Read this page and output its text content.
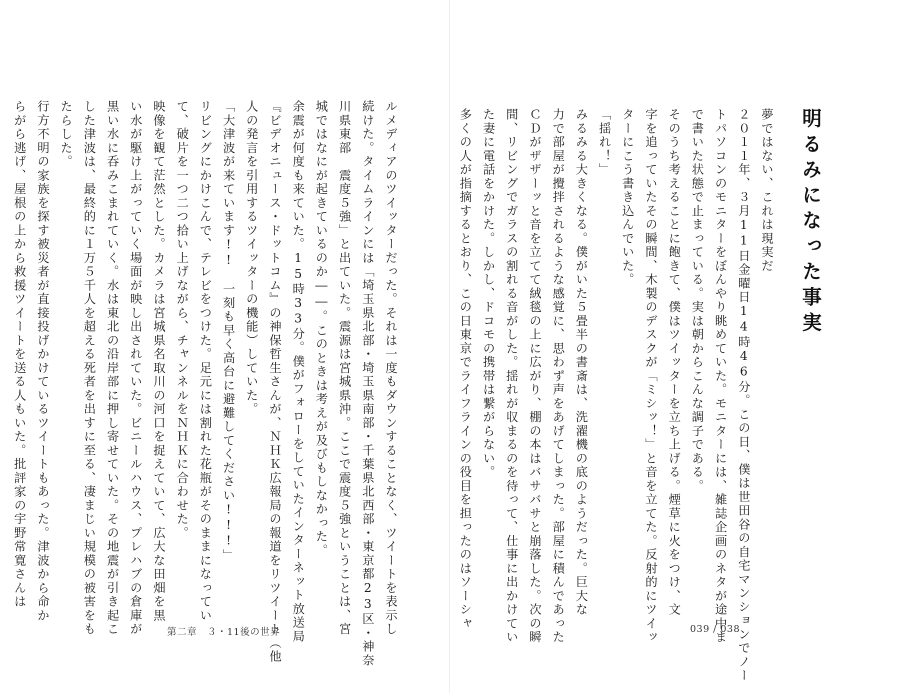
明るみになった事実
夢ではない、これは現実だ
２０１１年、３月11日金曜日14時46分。この日、僕は世田谷の自宅マンションでノー
トパソコンのモニターをぼんやり眺めていた。モニターには、雑誌企画のネタが途中ま
で書いた状態で止まっている。実は朝からこんな調子である。
そのうち考えることに飽きて、僕はツイッターを立ち上げる。煙草に火をつけ、文
字を追っていたその瞬間、木製のデスクが「ミシッ！」と音を立てた。反射的にツイッ
ターにこう書き込んでいた。
「揺れ！」
みるみる大きくなる。僕がいた５畳半の書斎は、洗濯機の底のようだった。巨大な
力で部屋が攪拌されるような感覚に、思わず声をあげてしまった。部屋に積んであった
ＣＤがザザーッと音を立てて絨毯の上に広がり、棚の本はバサバサと崩落した。次の瞬
間、リビングでガラスの割れる音がした。揺れが収まるのを待って、仕事に出かけてい
た妻に電話をかけた。しかし、ドコモの携帯は繋がらない。
多くの人が指摘するとおり、この日東京でライフラインの役目を担ったのはソーシャ
ルメディアのツイッターだった。それは一度もダウンすることなく、ツイートを表示し
続けた。タイムラインには「埼玉県北部・埼玉県南部・千葉県北西部・東京都23区・神奈
川県東部　震度５強」と出ていた。震源は宮城県沖。ここで震度５強ということは、宮
城ではなにが起きているのか――。このときは考えが及びもしなかった。
余震が何度も来ていた。15時33分。僕がフォローをしていたインターネット放送局
『ビデオニュース・ドットコム』の神保哲生さんが、ＮＨＫ広報局の報道をリツイート（他
人の発言を引用するツイッターの機能）していた。
「大津波が来ています!!　一刻も早く高台に避難してください!!!」
リビングにかけこんで、テレビをつけた。足元には割れた花瓶がそのままになってい
て、破片を一つ二つ拾い上げながら、チャンネルをＮＨＫに合わせた。
映像を観て茫然とした。カメラは宮城県名取川の河口を捉えていて、広大な田畑を黒
い水が駆け上がっていく場面が映し出されていた。ビニールハウス、プレハブの倉庫が
黒い水に呑みこまれていく。水は東北の沿岸部に押し寄せていた。その地震が引き起こ
した津波は、最終的に１万５千人を超える死者を出すに至る、凄まじい規模の被害をも
たらした。
行方不明の家族を探す被災者が直接投げかけているツイートもあった。津波から命か
らがら逃げ、屋根の上から救援ツイートを送る人もいた。批評家の宇野常寛さんは
第二章　３・11後の世界	039 / 038
